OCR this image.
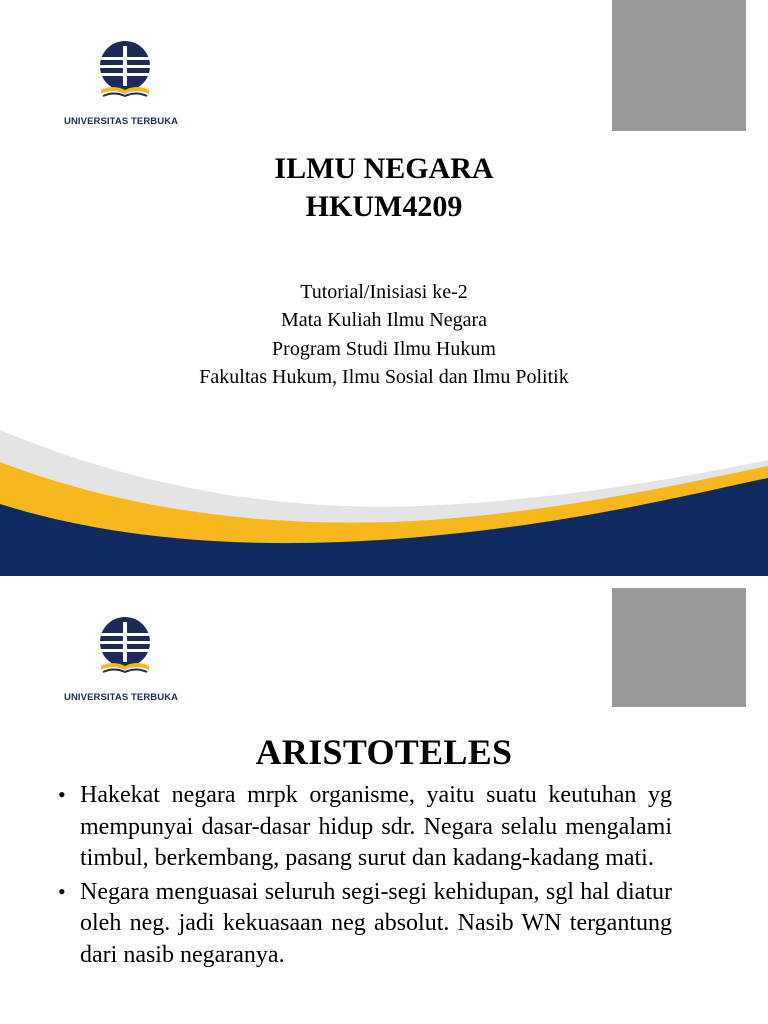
UNIVERSITAS TERBUKA
ILMU NEGARA
HKUM4209
Tutorial/Inisiasi ke-2
Mata Kuliah Ilmu Negara
Program Studi Ilmu Hukum
Fakultas Hukum, Ilmu Sosial dan Ilmu Politik
UNIVERSITAS TERBUKA
ARISTOTELES
• Hakekat negara mrpk organisme, yaitu suatu keutuhan yg mempunyai dasar-dasar hidup sdr. Negara selalu mengalami timbul, berkembang, pasang surut dan kadang-kadang mati.
• Negara menguasai seluruh segi-segi kehidupan, sgl hal diatur oleh neg. jadi kekuasaan neg absolut. Nasib WN tergantung dari nasib negaranya.
